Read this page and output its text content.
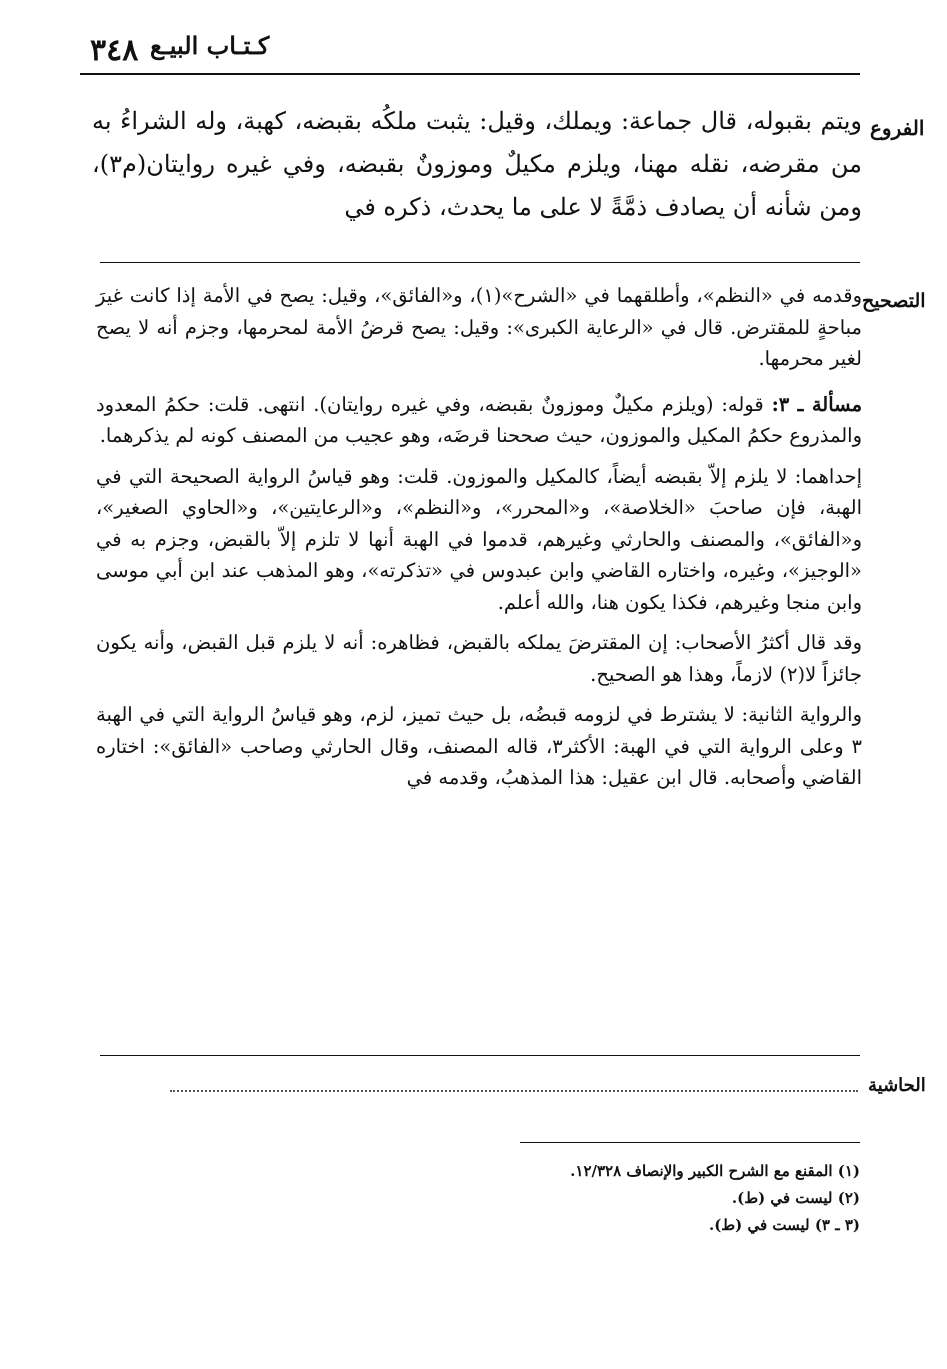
٣٤٨ كـتـاب البيـع
الفروع
التصحيح
الحاشية
ويتم بقبوله، قال جماعة: ويملك، وقيل: يثبت ملكُه بقبضه، كهبة، وله الشراءُ به من مقرضه، نقله مهنا، ويلزم مكيلٌ وموزونٌ بقبضه، وفي غيره روايتان(م٣)، ومن شأنه أن يصادف ذمَّةً لا على ما يحدث، ذكره في

وقدمه في «النظم»، وأطلقهما في «الشرح»(١)، و«الفائق»، وقيل: يصح في الأمة إذا كانت غيرَ مباحةٍ للمقترض. قال في «الرعاية الكبرى»: وقيل: يصح قرضُ الأمة لمحرمها، وجزم أنه لا يصح لغير محرمها.

مسألة ـ ٣: قوله: (ويلزم مكيلٌ وموزونٌ بقبضه، وفي غيره روايتان). انتهى. قلت: حكمُ المعدود والمذروع حكمُ المكيل والموزون، حيث صححنا قرضَه، وهو عجيب من المصنف كونه لم يذكرهما.

إحداهما: لا يلزم إلاّ بقبضه أيضاً، كالمكيل والموزون. قلت: وهو قياسُ الرواية الصحيحة التي في الهبة، فإن صاحبَ «الخلاصة»، و«المحرر»، و«النظم»، و«الرعايتين»، و«الحاوي الصغير»، و«الفائق»، والمصنف والحارثي وغيرهم، قدموا في الهبة أنها لا تلزم إلاّ بالقبض، وجزم به في «الوجيز»، وغيره، واختاره القاضي وابن عبدوس في «تذكرته»، وهو المذهب عند ابن أبي موسى وابن منجا وغيرهم، فكذا يكون هنا، والله أعلم.

وقد قال أكثرُ الأصحاب: إن المقترضَ يملكه بالقبض، فظاهره: أنه لا يلزم قبل القبض، وأنه يكون جائزاً لا(٢) لازماً، وهذا هو الصحيح.

والرواية الثانية: لا يشترط في لزومه قبضُه، بل حيث تميز، لزم، وهو قياسُ الرواية التي في الهبة ٣ وعلى الرواية التي في الهبة: الأكثر٣، قاله المصنف، وقال الحارثي وصاحب «الفائق»: اختاره القاضي وأصحابه. قال ابن عقيل: هذا المذهبُ، وقدمه في

(١) المقنع مع الشرح الكبير والإنصاف ١٢/٣٢٨.
(٢) ليست في (ط).
(٣ ـ ٣) ليست في (ط).
